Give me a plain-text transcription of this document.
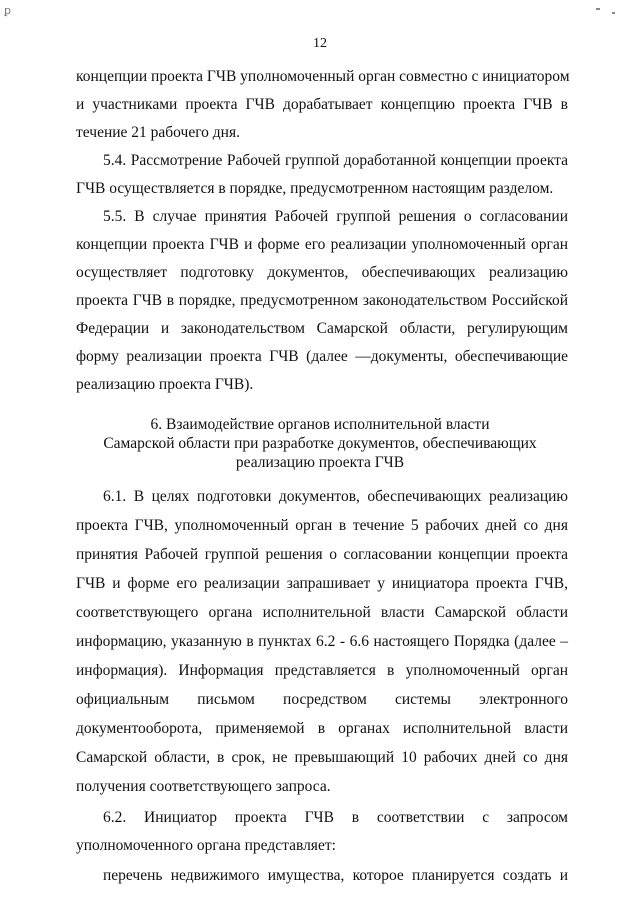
ꝑ
12
концепции проекта ГЧВ уполномоченный орган совместно с инициатором
и участниками проекта ГЧВ дорабатывает концепцию проекта ГЧВ в
течение 21 рабочего дня.
5.4. Рассмотрение Рабочей группой доработанной концепции проекта
ГЧВ осуществляется в порядке, предусмотренном настоящим разделом.
5.5. В случае принятия Рабочей группой решения о согласовании
концепции проекта ГЧВ и форме его реализации уполномоченный орган
осуществляет подготовку документов, обеспечивающих реализацию
проекта ГЧВ в порядке, предусмотренном законодательством Российской
Федерации и законодательством Самарской области, регулирующим
форму реализации проекта ГЧВ (далее —документы, обеспечивающие
реализацию проекта ГЧВ).
6. Взаимодействие органов исполнительной власти
Самарской области при разработке документов, обеспечивающих
реализацию проекта ГЧВ
6.1. В целях подготовки документов, обеспечивающих реализацию
проекта ГЧВ, уполномоченный орган в течение 5 рабочих дней со дня
принятия Рабочей группой решения о согласовании концепции проекта
ГЧВ и форме его реализации запрашивает у инициатора проекта ГЧВ,
соответствующего органа исполнительной власти Самарской области
информацию, указанную в пунктах 6.2 - 6.6 настоящего Порядка (далее –
информация). Информация представляется в уполномоченный орган
официальным письмом посредством системы электронного
документооборота, применяемой в органах исполнительной власти
Самарской области, в срок, не превышающий 10 рабочих дней со дня
получения соответствующего запроса.
6.2. Инициатор проекта ГЧВ в соответствии с запросом
уполномоченного органа представляет:
перечень недвижимого имущества, которое планируется создать и
